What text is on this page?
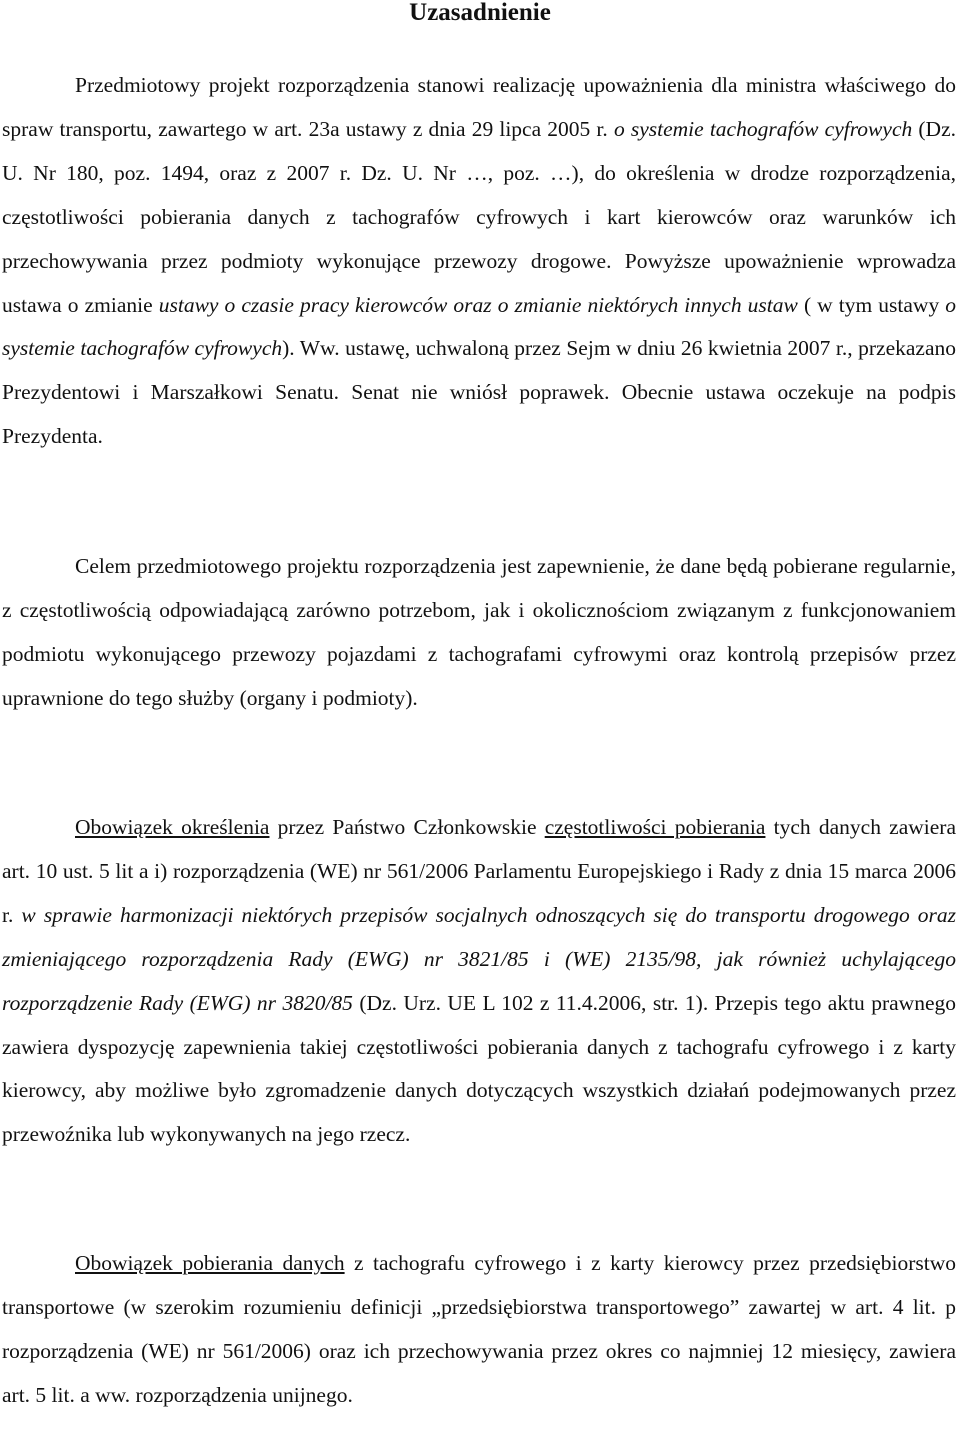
Uzasadnienie

Przedmiotowy projekt rozporządzenia stanowi realizację upoważnienia dla ministra właściwego do spraw transportu, zawartego w art. 23a ustawy z dnia 29 lipca 2005 r. o systemie tachografów cyfrowych (Dz. U. Nr 180, poz. 1494, oraz z 2007 r. Dz. U. Nr …, poz. …), do określenia w drodze rozporządzenia, częstotliwości pobierania danych z tachografów cyfrowych i kart kierowców oraz warunków ich przechowywania przez podmioty wykonujące przewozy drogowe. Powyższe upoważnienie wprowadza ustawa o zmianie ustawy o czasie pracy kierowców oraz o zmianie niektórych innych ustaw ( w tym ustawy o systemie tachografów cyfrowych). Ww. ustawę, uchwaloną przez Sejm w dniu 26 kwietnia 2007 r., przekazano Prezydentowi i Marszałkowi Senatu. Senat nie wniósł poprawek. Obecnie ustawa oczekuje na podpis Prezydenta.

Celem przedmiotowego projektu rozporządzenia jest zapewnienie, że dane będą pobierane regularnie, z częstotliwością odpowiadającą zarówno potrzebom, jak i okolicznościom związanym z funkcjonowaniem podmiotu wykonującego przewozy pojazdami z tachografami cyfrowymi oraz kontrolą przepisów przez uprawnione do tego służby (organy i podmioty).

Obowiązek określenia przez Państwo Członkowskie częstotliwości pobierania tych danych zawiera art. 10 ust. 5 lit a i) rozporządzenia (WE) nr 561/2006 Parlamentu Europejskiego i Rady z dnia 15 marca 2006 r. w sprawie harmonizacji niektórych przepisów socjalnych odnoszących się do transportu drogowego oraz zmieniającego rozporządzenia Rady (EWG) nr 3821/85 i (WE) 2135/98, jak również uchylającego rozporządzenie Rady (EWG) nr 3820/85 (Dz. Urz. UE L 102 z 11.4.2006, str. 1). Przepis tego aktu prawnego zawiera dyspozycję zapewnienia takiej częstotliwości pobierania danych z tachografu cyfrowego i z karty kierowcy, aby możliwe było zgromadzenie danych dotyczących wszystkich działań podejmowanych przez przewoźnika lub wykonywanych na jego rzecz.

Obowiązek pobierania danych z tachografu cyfrowego i z karty kierowcy przez przedsiębiorstwo transportowe (w szerokim rozumieniu definicji „przedsiębiorstwa transportowego” zawartej w art. 4 lit. p rozporządzenia (WE) nr 561/2006) oraz ich przechowywania przez okres co najmniej 12 miesięcy, zawiera art. 5 lit. a ww. rozporządzenia unijnego.
